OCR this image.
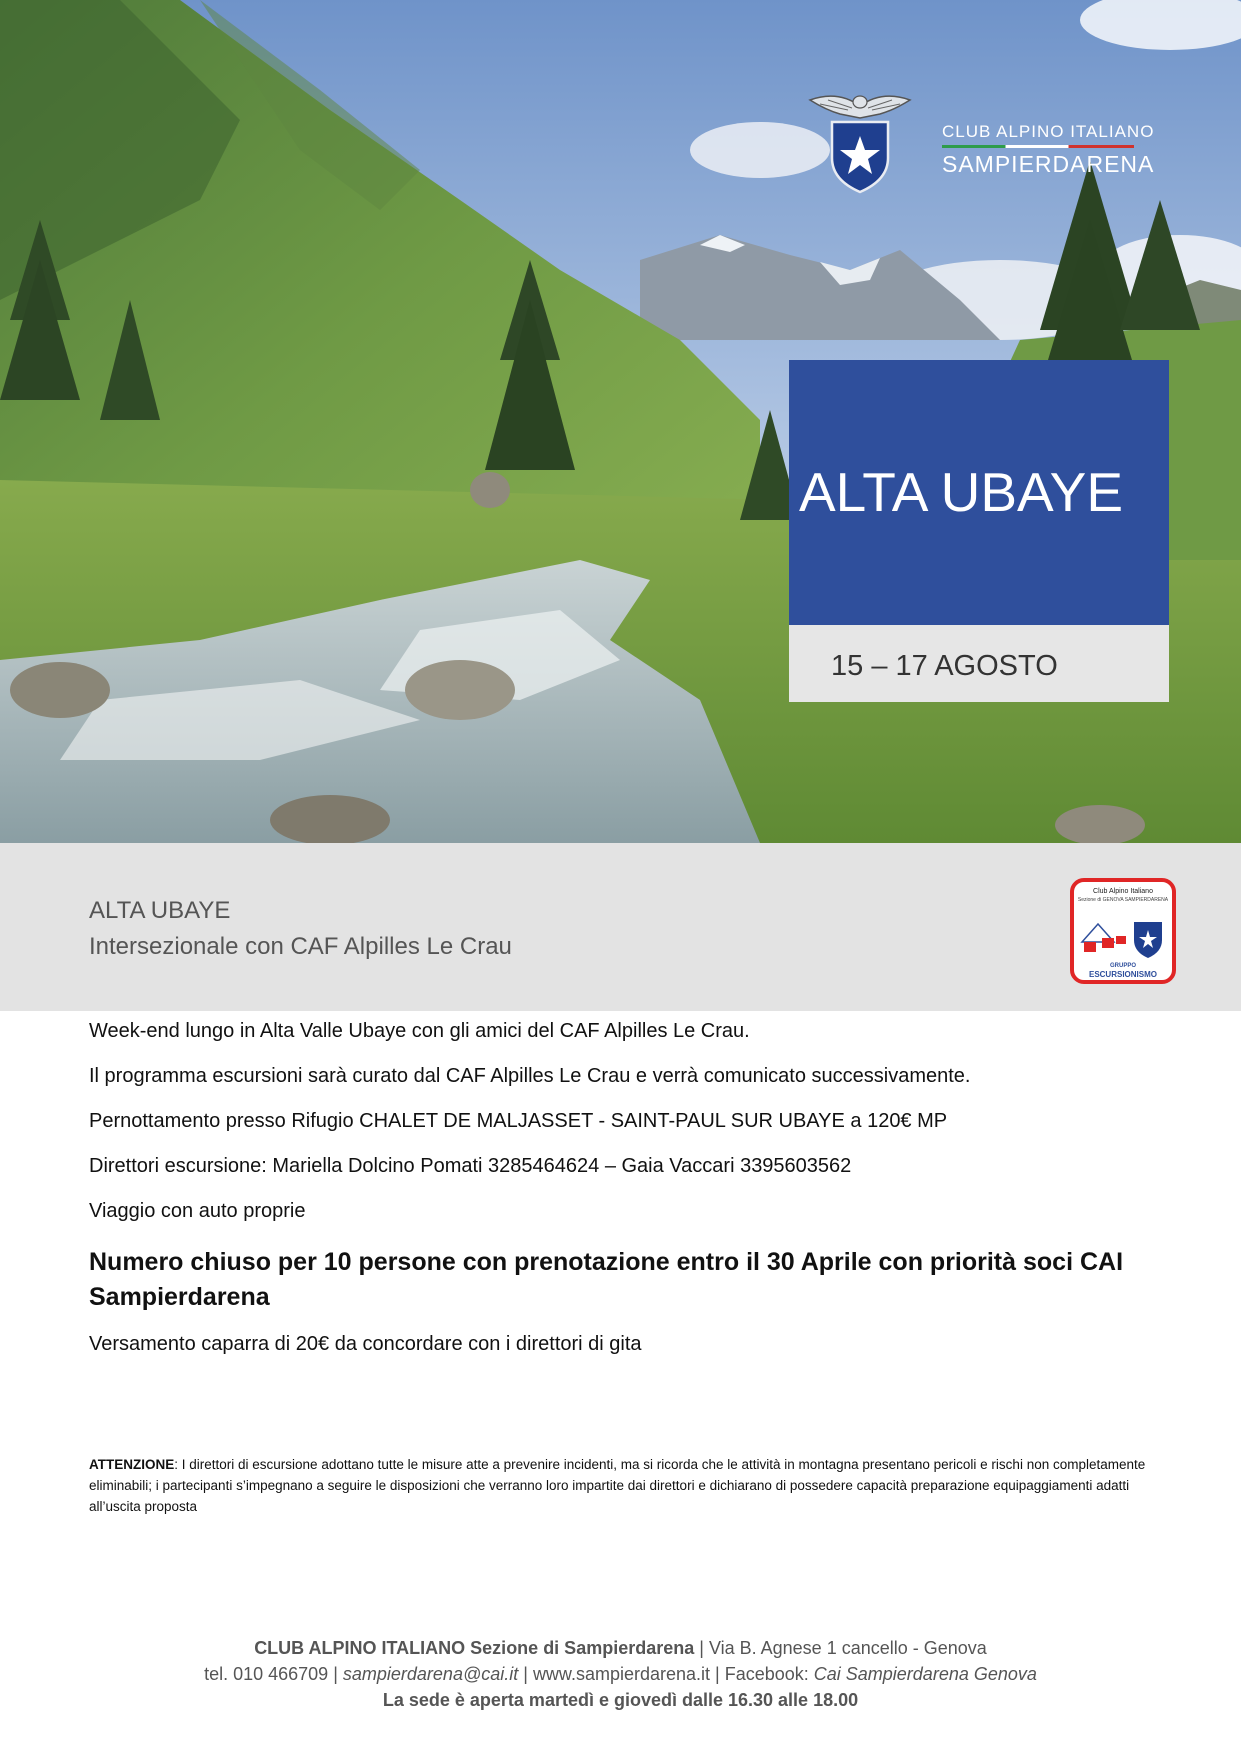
CLUB ALPINO ITALIANO
SAMPIERDARENA
ALTA UBAYE
15 – 17 AGOSTO
ALTA UBAYE
Intersezionale con CAF Alpilles Le Crau
Club Alpino Italiano
Sezione di GENOVA SAMPIERDARENA
GRUPPO
ESCURSIONISMO
Week-end lungo in Alta Valle Ubaye con gli amici del CAF Alpilles Le Crau.
Il programma escursioni sarà curato dal CAF Alpilles Le Crau e verrà comunicato successivamente.
Pernottamento presso Rifugio CHALET DE MALJASSET - SAINT-PAUL SUR UBAYE a 120€ MP
Direttori escursione: Mariella Dolcino Pomati 3285464624 – Gaia Vaccari 3395603562
Viaggio con auto proprie
Numero chiuso per 10 persone con prenotazione entro il 30 Aprile con priorità soci CAI Sampierdarena
Versamento caparra di 20€ da concordare con i direttori di gita
ATTENZIONE: I direttori di escursione adottano tutte le misure atte a prevenire incidenti, ma si ricorda che le attività in montagna presentano pericoli e rischi non completamente eliminabili; i partecipanti s’impegnano a seguire le disposizioni che verranno loro impartite dai direttori e dichiarano di possedere capacità preparazione equipaggiamenti adatti all’uscita proposta
CLUB ALPINO ITALIANO Sezione di Sampierdarena | Via B. Agnese 1 cancello - Genova
tel. 010 466709 | sampierdarena@cai.it | www.sampierdarena.it | Facebook: Cai Sampierdarena Genova
La sede è aperta martedì e giovedì dalle 16.30 alle 18.00
